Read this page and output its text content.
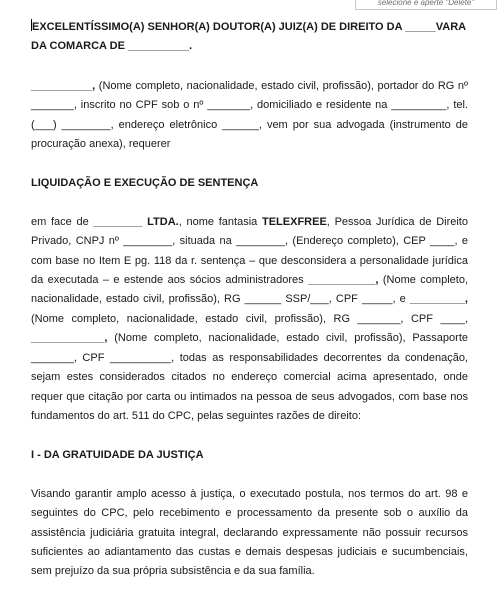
selecione e aperte "Delete"

EXCELENTÍSSIMO(A) SENHOR(A) DOUTOR(A) JUIZ(A) DE DIREITO DA _____VARA
DA COMARCA DE __________.

__________, (Nome completo, nacionalidade, estado civil, profissão), portador do RG nº _______, inscrito no CPF sob o nº _______, domiciliado e residente na _________, tel. (___) ________, endereço eletrônico ______, vem por sua advogada (instrumento de procuração anexa), requerer

LIQUIDAÇÃO E EXECUÇÃO DE SENTENÇA

em face de ________ LTDA., nome fantasia TELEXFREE, Pessoa Jurídica de Direito Privado, CNPJ nº ________, situada na ________, (Endereço completo), CEP ____, e com base no Item E pg. 118 da r. sentença – que desconsidera a personalidade jurídica da executada – e estende aos sócios administradores ___________, (Nome completo, nacionalidade, estado civil, profissão), RG ______ SSP/___, CPF _____, e _________, (Nome completo, nacionalidade, estado civil, profissão), RG _______, CPF ____, ____________, (Nome completo, nacionalidade, estado civil, profissão), Passaporte _______, CPF __________, todas as responsabilidades decorrentes da condenação, sejam estes considerados citados no endereço comercial acima apresentado, onde requer que citação por carta ou intimados na pessoa de seus advogados, com base nos fundamentos do art. 511 do CPC, pelas seguintes razões de direito:

I - DA GRATUIDADE DA JUSTIÇA

Visando garantir amplo acesso à justiça, o executado postula, nos termos do art. 98 e seguintes do CPC, pelo recebimento e processamento da presente sob o auxílio da assistência judiciária gratuita integral, declarando expressamente não possuir recursos suficientes ao adiantamento das custas e demais despesas judiciais e sucumbenciais, sem prejuízo da sua própria subsistência e da sua família.
